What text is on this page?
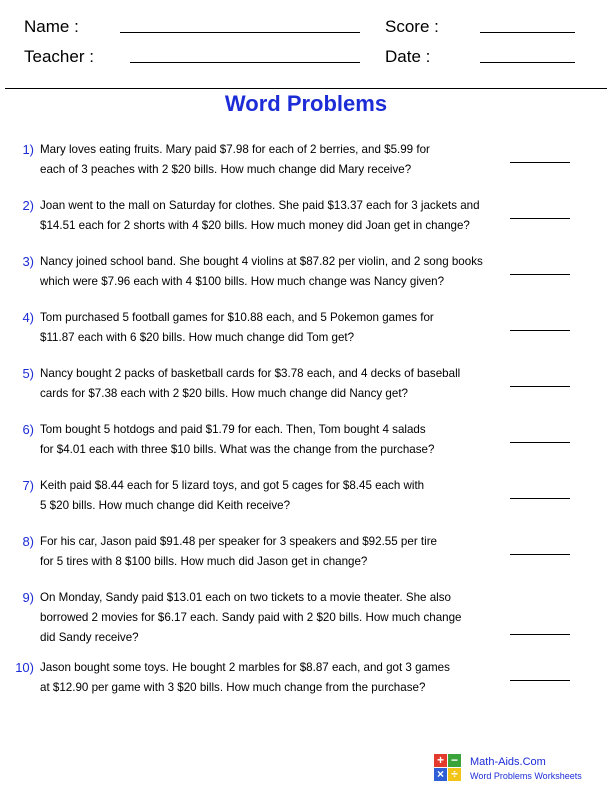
Name :	Score :
Teacher :	Date :
Word Problems
1) Mary loves eating fruits. Mary paid $7.98 for each of 2 berries, and $5.99 for
each of 3 peaches with 2 $20 bills. How much change did Mary receive?
2) Joan went to the mall on Saturday for clothes. She paid $13.37 each for 3 jackets and
$14.51 each for 2 shorts with 4 $20 bills. How much money did Joan get in change?
3) Nancy joined school band. She bought 4 violins at $87.82 per violin, and 2 song books
which were $7.96 each with 4 $100 bills. How much change was Nancy given?
4) Tom purchased 5 football games for $10.88 each, and 5 Pokemon games for
$11.87 each with 6 $20 bills. How much change did Tom get?
5) Nancy bought 2 packs of basketball cards for $3.78 each, and 4 decks of baseball
cards for $7.38 each with 2 $20 bills. How much change did Nancy get?
6) Tom bought 5 hotdogs and paid $1.79 for each. Then, Tom bought 4 salads
for $4.01 each with three $10 bills. What was the change from the purchase?
7) Keith paid $8.44 each for 5 lizard toys, and got 5 cages for $8.45 each with
5 $20 bills. How much change did Keith receive?
8) For his car, Jason paid $91.48 per speaker for 3 speakers and $92.55 per tire
for 5 tires with 8 $100 bills. How much did Jason get in change?
9) On Monday, Sandy paid $13.01 each on two tickets to a movie theater. She also
borrowed 2 movies for $6.17 each. Sandy paid with 2 $20 bills. How much change
did Sandy receive?
10) Jason bought some toys. He bought 2 marbles for $8.87 each, and got 3 games
at $12.90 per game with 3 $20 bills. How much change from the purchase?
+ −
× ÷
Math-Aids.Com
Word Problems Worksheets
